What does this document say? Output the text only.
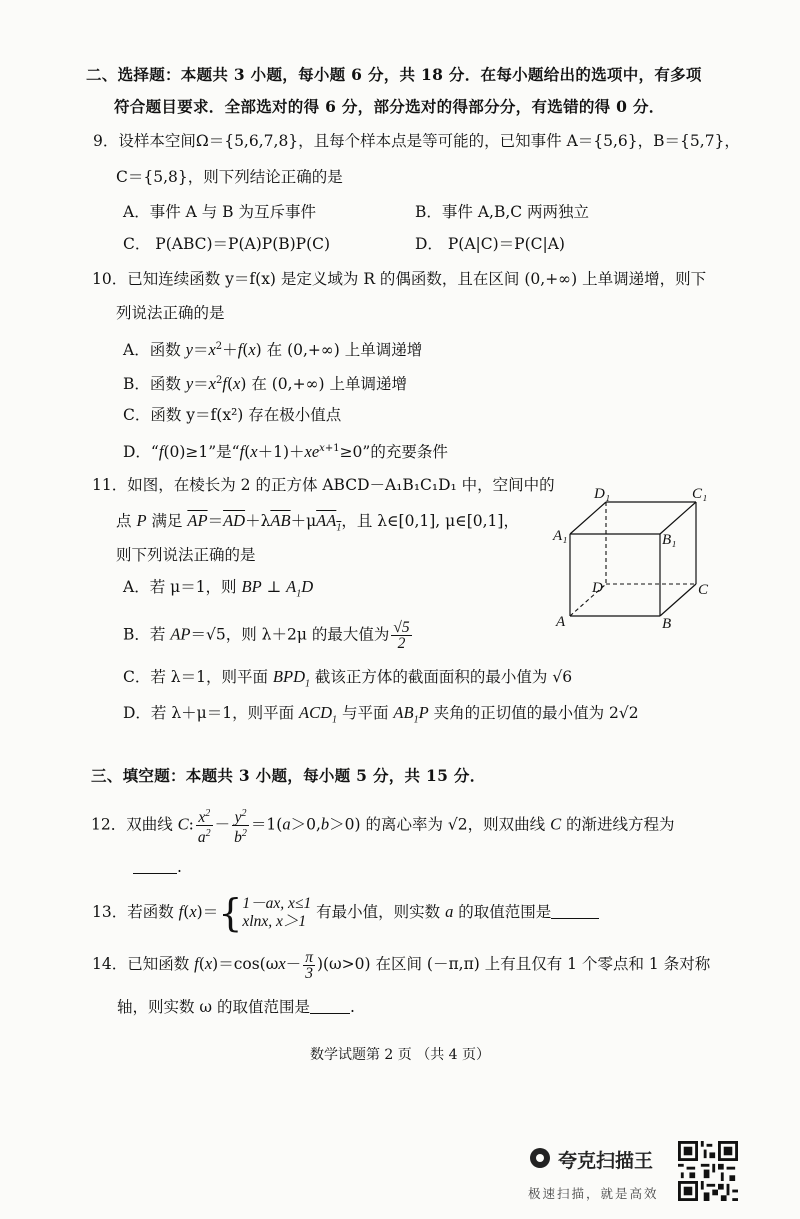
二、选择题：本题共 3 小题，每小题 6 分，共 18 分．在每小题给出的选项中，有多项
符合题目要求．全部选对的得 6 分，部分选对的得部分分，有选错的得 0 分．
9．设样本空间Ω＝{5,6,7,8}，且每个样本点是等可能的，已知事件 A＝{5,6}，B＝{5,7}，
C＝{5,8}，则下列结论正确的是
A．事件 A 与 B 为互斥事件	B．事件 A,B,C 两两独立
C． P(ABC)＝P(A)P(B)P(C)	D． P(A|C)＝P(C|A)
10．已知连续函数 y＝f(x) 是定义域为 R 的偶函数，且在区间 (0,+∞) 上单调递增，则下
列说法正确的是
A．函数 $y=x^2+f(x)$ 在 (0,+∞) 上单调递增
B．函数 $y=x^2f(x)$ 在 (0,+∞) 上单调递增
C．函数 y＝f(x²) 存在极小值点
D．“f(0)≥1”是“$f(x+1)+xe^{x+1}\ge 0$”的充要条件
11．如图，在棱长为 2 的正方体 ABCD－A₁B₁C₁D₁ 中，空间中的
点 P 满足 $\overline{AP}=\overline{AD}+\lambda\overline{AB}+\mu AA_1$，且 λ∈[0,1], μ∈[0,1]，
则下列说法正确的是
A．若 μ＝1，则 BP ⊥ $A_1D$
B．若 AP＝√5，则 λ＋2μ 的最大值为 $\frac{√5}{2}$
C．若 λ＝1，则平面 $BPD_1$ 截该正方体的截面面积的最小值为 √6
D．若 λ＋μ＝1，则平面 $ACD_1$ 与平面 $AB_1P$ 夹角的正切值的最小值为 2√2
D₁	C₁
A₁	B₁
D	C
A	B
三、填空题：本题共 3 小题，每小题 5 分，共 15 分．
12．双曲线 C: $\frac{x^2}{a^2} - \frac{y^2}{b^2} =1(a>0,b>0)$ 的离心率为 √2，则双曲线 C 的渐进线方程为
.
13．若函数 f(x)＝{1－ax, x≤1
xlnx, x＞1 有最小值，则实数 a 的取值范围是
14．已知函数 $f(x)=\cos(\omega x- \frac{\pi}{3} )(\omega>0)$ 在区间 (－π,π) 上有且仅有 1 个零点和 1 条对称
轴，则实数 ω 的取值范围是	.
数学试题第 2 页 （共 4 页）
夸克扫描王
极速扫描，就是高效
